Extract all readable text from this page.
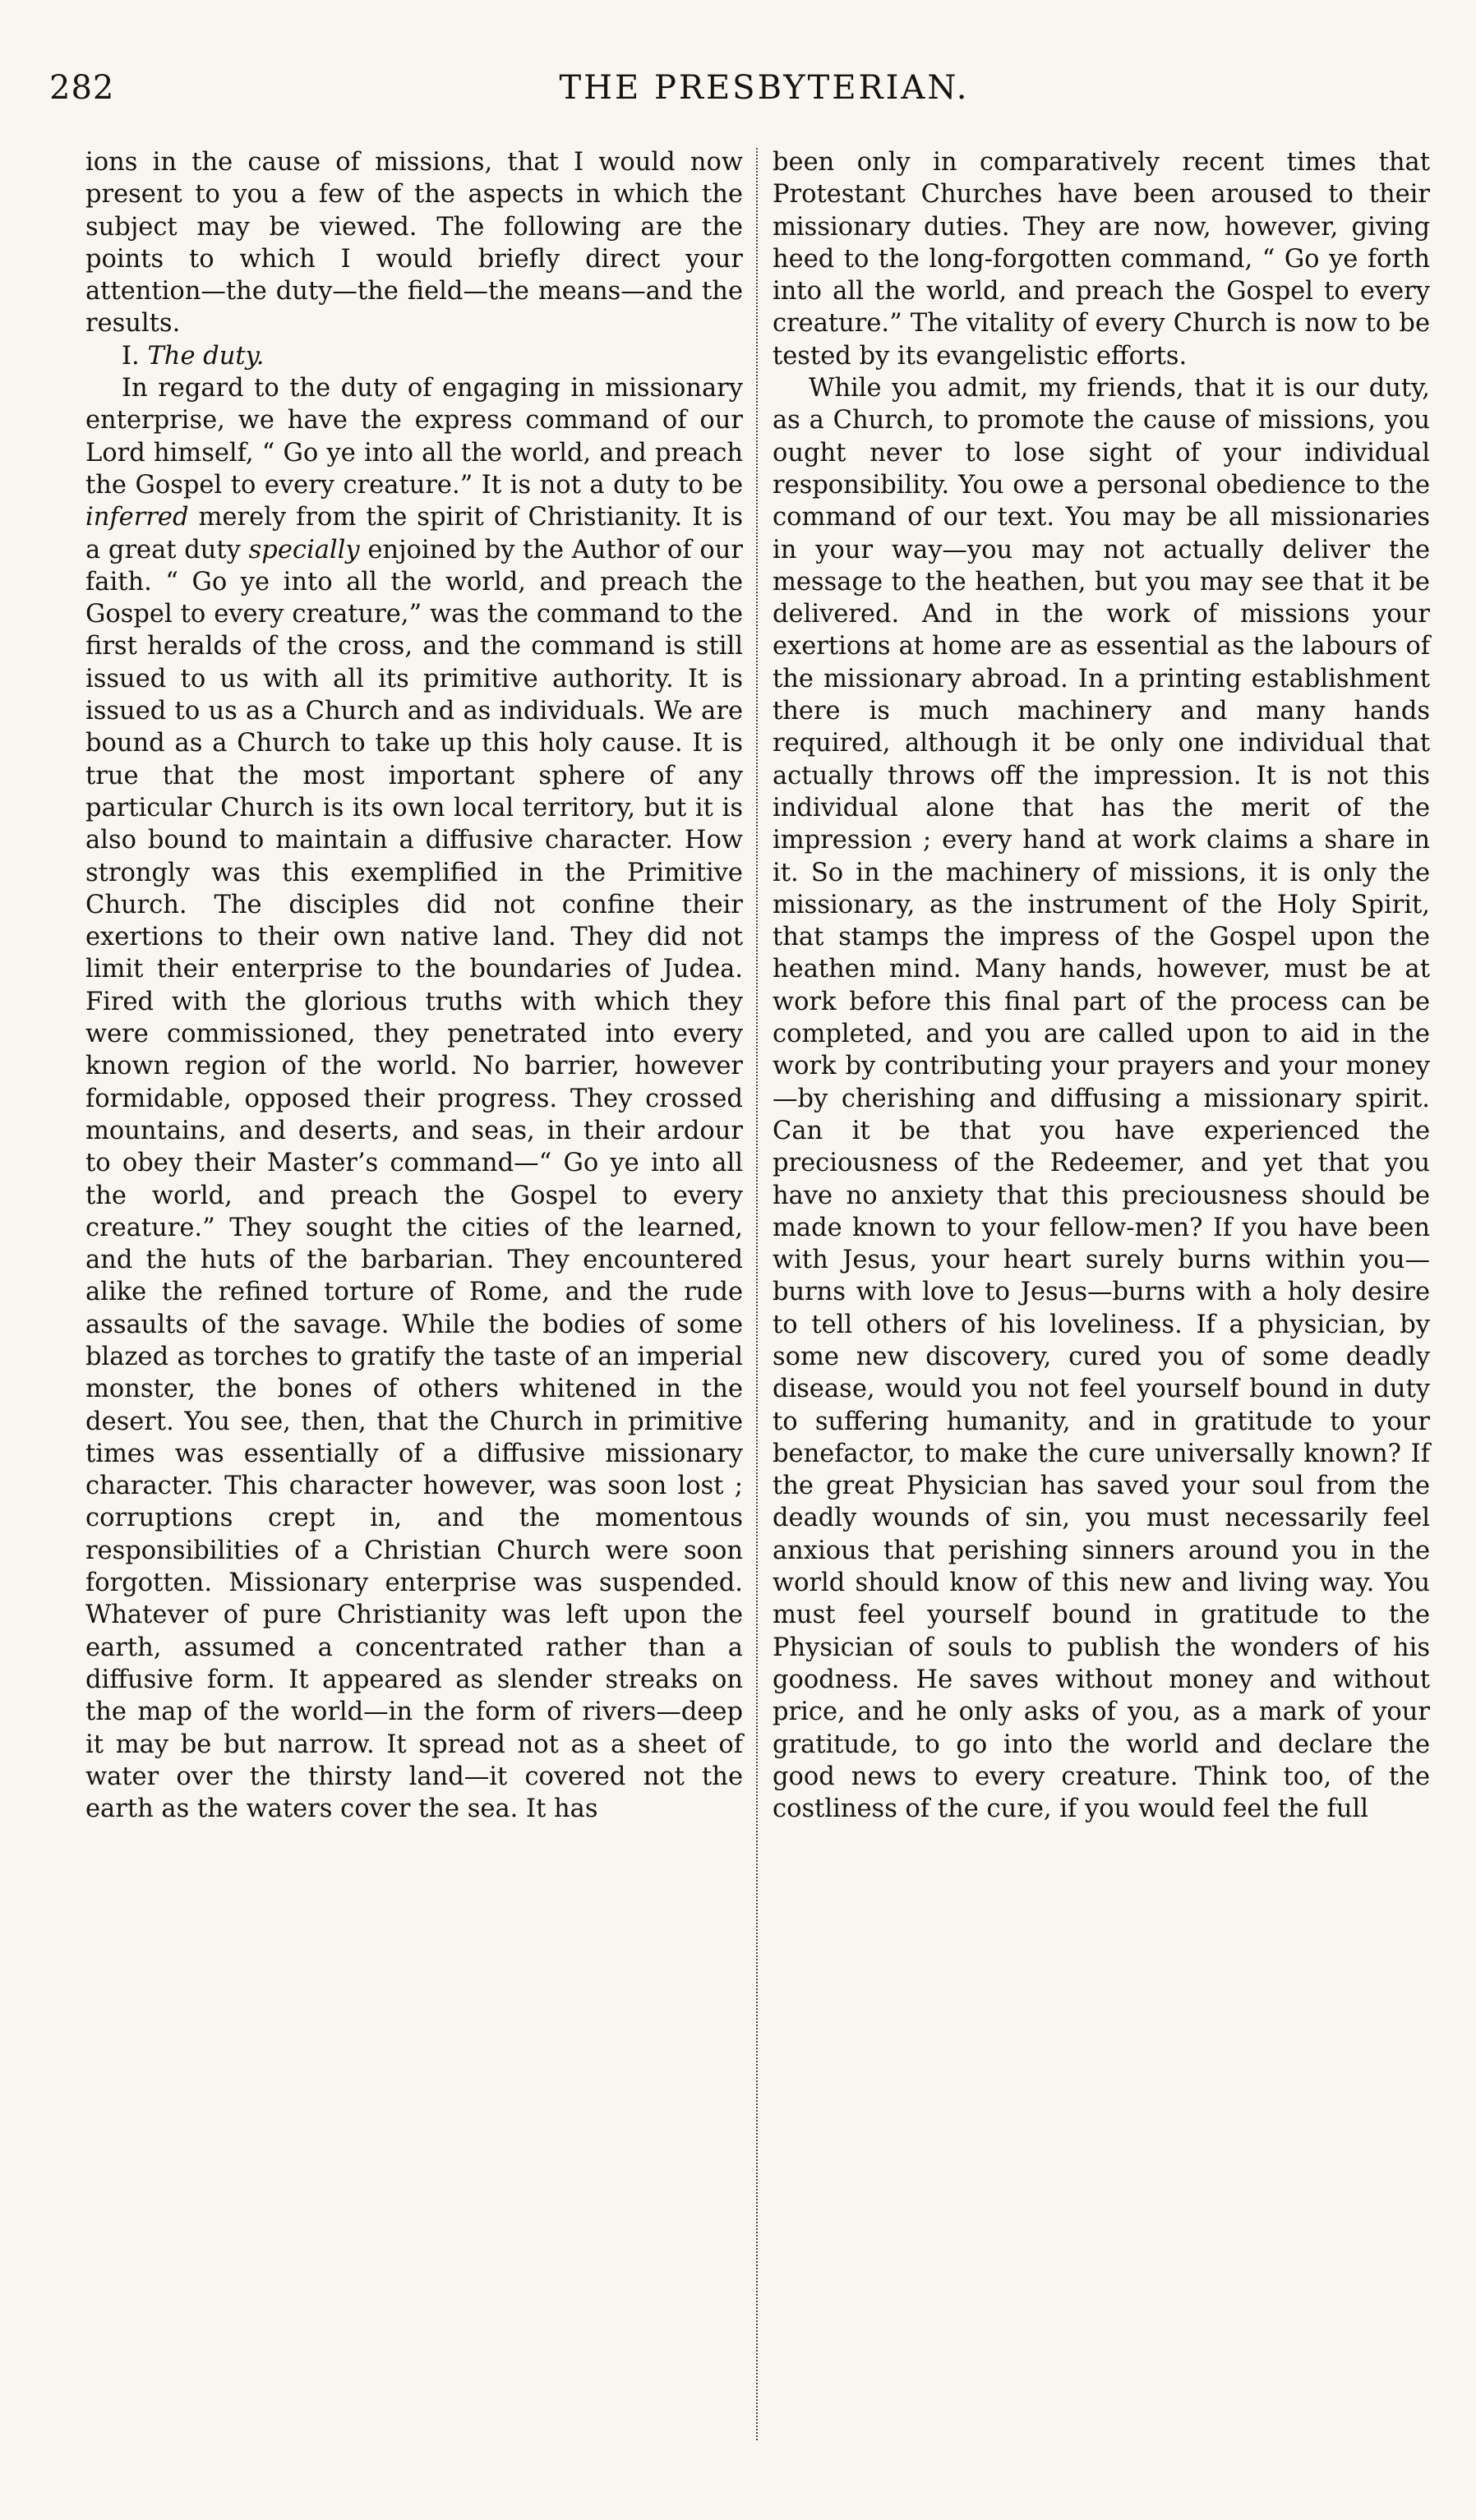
282	THE PRESBYTERIAN.

ions in the cause of missions, that I would now present to you a few of the aspects in which the subject may be viewed. The following are the points to which I would briefly direct your attention—the duty—the field—the means—and the results.

I. The duty.

In regard to the duty of engaging in missionary enterprise, we have the express command of our Lord himself, “ Go ye into all the world, and preach the Gospel to every creature.” It is not a duty to be inferred merely from the spirit of Christianity. It is a great duty specially enjoined by the Author of our faith. “ Go ye into all the world, and preach the Gospel to every creature,” was the command to the first heralds of the cross, and the command is still issued to us with all its primitive authority. It is issued to us as a Church and as individuals. We are bound as a Church to take up this holy cause. It is true that the most important sphere of any particular Church is its own local territory, but it is also bound to maintain a diffusive character. How strongly was this exemplified in the Primitive Church. The disciples did not confine their exertions to their own native land. They did not limit their enterprise to the boundaries of Judea. Fired with the glorious truths with which they were commissioned, they penetrated into every known region of the world. No barrier, however formidable, opposed their progress. They crossed mountains, and deserts, and seas, in their ardour to obey their Master’s command—“ Go ye into all the world, and preach the Gospel to every creature.” They sought the cities of the learned, and the huts of the barbarian. They encountered alike the refined torture of Rome, and the rude assaults of the savage. While the bodies of some blazed as torches to gratify the taste of an imperial monster, the bones of others whitened in the desert. You see, then, that the Church in primitive times was essentially of a diffusive missionary character. This character however, was soon lost ; corruptions crept in, and the momentous responsibilities of a Christian Church were soon forgotten. Missionary enterprise was suspended. Whatever of pure Christianity was left upon the earth, assumed a concentrated rather than a diffusive form. It appeared as slender streaks on the map of the world—in the form of rivers—deep it may be but narrow. It spread not as a sheet of water over the thirsty land—it covered not the earth as the waters cover the sea. It has

been only in comparatively recent times that Protestant Churches have been aroused to their missionary duties. They are now, however, giving heed to the long-forgotten command, “ Go ye forth into all the world, and preach the Gospel to every creature.” The vitality of every Church is now to be tested by its evangelistic efforts.

While you admit, my friends, that it is our duty, as a Church, to promote the cause of missions, you ought never to lose sight of your individual responsibility. You owe a personal obedience to the command of our text. You may be all missionaries in your way—you may not actually deliver the message to the heathen, but you may see that it be delivered. And in the work of missions your exertions at home are as essential as the labours of the missionary abroad. In a printing establishment there is much machinery and many hands required, although it be only one individual that actually throws off the impression. It is not this individual alone that has the merit of the impression ; every hand at work claims a share in it. So in the machinery of missions, it is only the missionary, as the instrument of the Holy Spirit, that stamps the impress of the Gospel upon the heathen mind. Many hands, however, must be at work before this final part of the process can be completed, and you are called upon to aid in the work by contributing your prayers and your money—by cherishing and diffusing a missionary spirit. Can it be that you have experienced the preciousness of the Redeemer, and yet that you have no anxiety that this preciousness should be made known to your fellow-men? If you have been with Jesus, your heart surely burns within you—burns with love to Jesus—burns with a holy desire to tell others of his loveliness. If a physician, by some new discovery, cured you of some deadly disease, would you not feel yourself bound in duty to suffering humanity, and in gratitude to your benefactor, to make the cure universally known? If the great Physician has saved your soul from the deadly wounds of sin, you must necessarily feel anxious that perishing sinners around you in the world should know of this new and living way. You must feel yourself bound in gratitude to the Physician of souls to publish the wonders of his goodness. He saves without money and without price, and he only asks of you, as a mark of your gratitude, to go into the world and declare the good news to every creature. Think too, of the costliness of the cure, if you would feel the full
